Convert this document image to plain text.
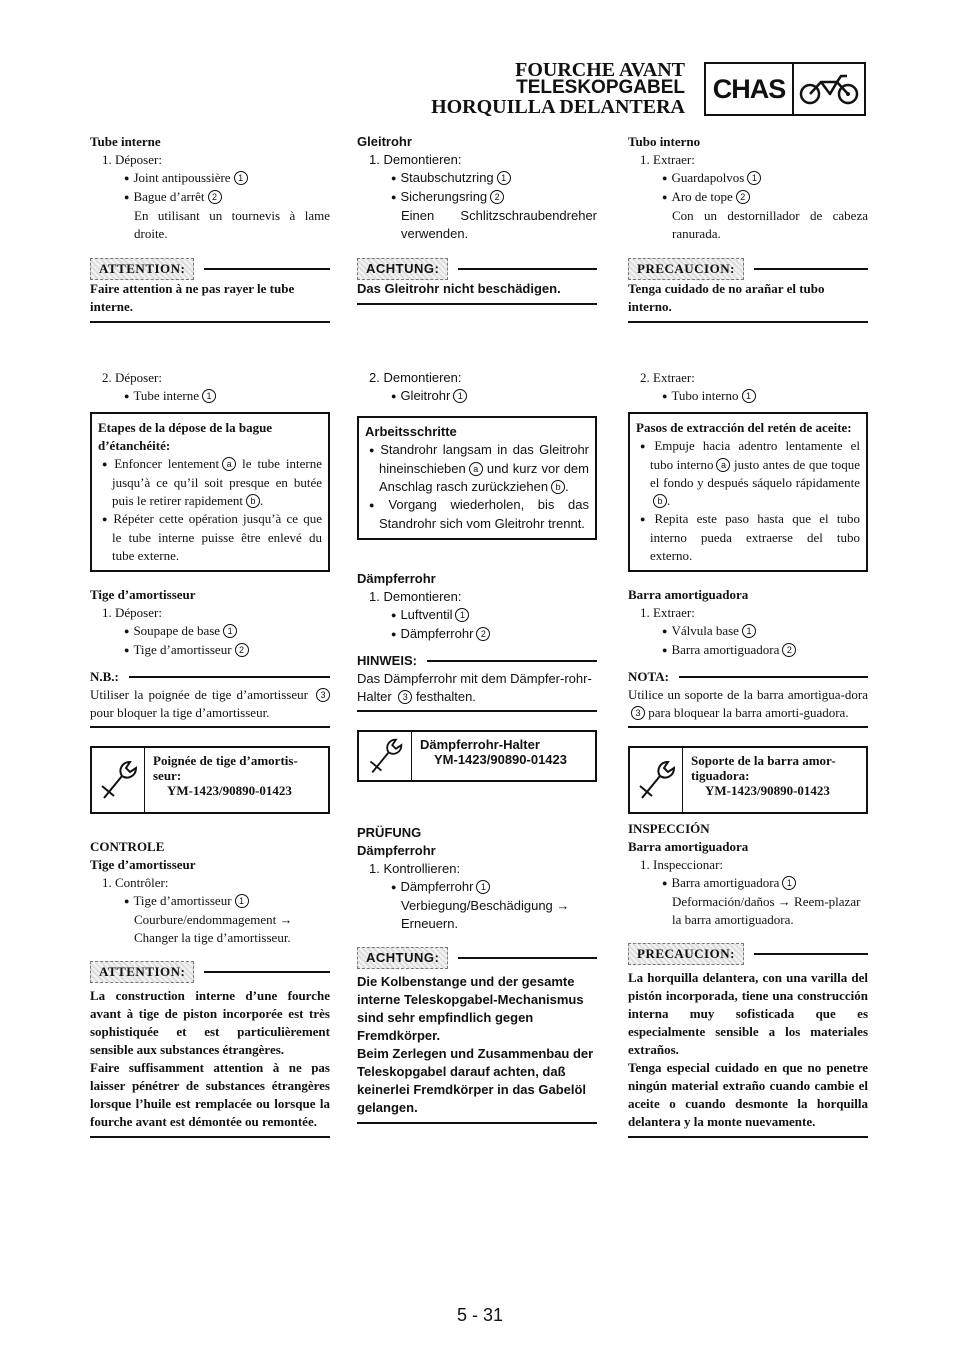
FOURCHE AVANT
TELESKOPGABEL
HORQUILLA DELANTERA
CHAS

Tube interne

1. Déposer:

● Joint antipoussière 1

● Bague d’arrêt 2

En utilisant un tournevis à lame droite.

ATTENTION:

Faire attention à ne pas rayer le tube interne.

2. Déposer:

● Tube interne 1

Etapes de la dépose de la bague d’étanchéité:

● Enfoncer lentement a le tube interne jusqu’à ce qu’il soit presque en butée puis le retirer rapidement b .

● Répéter cette opération jusqu’à ce que le tube interne puisse être enlevé du tube externe.

Tige d’amortisseur

1. Déposer:

● Soupape de base 1

● Tige d’amortisseur 2

N.B.:

Utiliser la poignée de tige d’amortisseur 3 pour bloquer la tige d’amortisseur.

Poignée de tige d’amortis-seur:

YM-1423/90890-01423

CONTROLE

Tige d’amortisseur

1. Contrôler:

● Tige d’amortisseur 1

Courbure/endommagement → Changer la tige d’amortisseur.

ATTENTION:

La construction interne d’une fourche avant à tige de piston incorporée est très sophistiquée et est particulièrement sensible aux substances étrangères.

Faire suffisamment attention à ne pas laisser pénétrer de substances étrangères lorsque l’huile est remplacée ou lorsque la fourche avant est démontée ou remontée.

Gleitrohr

1. Demontieren:

● Staubschutzring 1

● Sicherungsring 2

Einen Schlitzschraubendreher verwenden.

ACHTUNG:

Das Gleitrohr nicht beschädigen.

2. Demontieren:

● Gleitrohr 1

Arbeitsschritte

● Standrohr langsam in das Gleitrohr hineinschieben a und kurz vor dem Anschlag rasch zurückziehen b .

● Vorgang wiederholen, bis das Standrohr sich vom Gleitrohr trennt.

Dämpferrohr

1. Demontieren:

● Luftventil 1

● Dämpferrohr 2

HINWEIS:

Das Dämpferrohr mit dem Dämpfer-rohr-Halter 3 festhalten.

Dämpferrohr-Halter

YM-1423/90890-01423

PRÜFUNG

Dämpferrohr

1. Kontrollieren:

● Dämpferrohr 1

Verbiegung/Beschädigung → Erneuern.

ACHTUNG:

Die Kolbenstange und der gesamte interne Teleskopgabel-Mechanismus sind sehr empfindlich gegen Fremdkörper.

Beim Zerlegen und Zusammenbau der Teleskopgabel darauf achten, daß keinerlei Fremdkörper in das Gabelöl gelangen.

Tubo interno

1. Extraer:

● Guardapolvos 1

● Aro de tope 2

Con un destornillador de cabeza ranurada.

PRECAUCION:

Tenga cuidado de no arañar el tubo interno.

2. Extraer:

● Tubo interno 1

Pasos de extracción del retén de aceite:

● Empuje hacia adentro lentamente el tubo interno a justo antes de que toque el fondo y después sáquelo rápidamenteb .

● Repita este paso hasta que el tubo interno pueda extraerse del tubo externo.

Barra amortiguadora

1. Extraer:

● Válvula base 1

● Barra amortiguadora 2

NOTA:

Utilice un soporte de la barra amortigua-dora 3 para bloquear la barra amorti-guadora.

Soporte de la barra amor-tiguadora:

YM-1423/90890-01423

INSPECCIÓN

Barra amortiguadora

1. Inspeccionar:

● Barra amortiguadora 1

Deformación/daños → Reem-plazar la barra amortiguadora.

PRECAUCION:

La horquilla delantera, con una varilla del pistón incorporada, tiene una construcción interna muy sofisticada que es especialmente sensible a los materiales extraños.

Tenga especial cuidado en que no penetre ningún material extraño cuando cambie el aceite o cuando desmonte la horquilla delantera y la monte nuevamente.

5 - 31
